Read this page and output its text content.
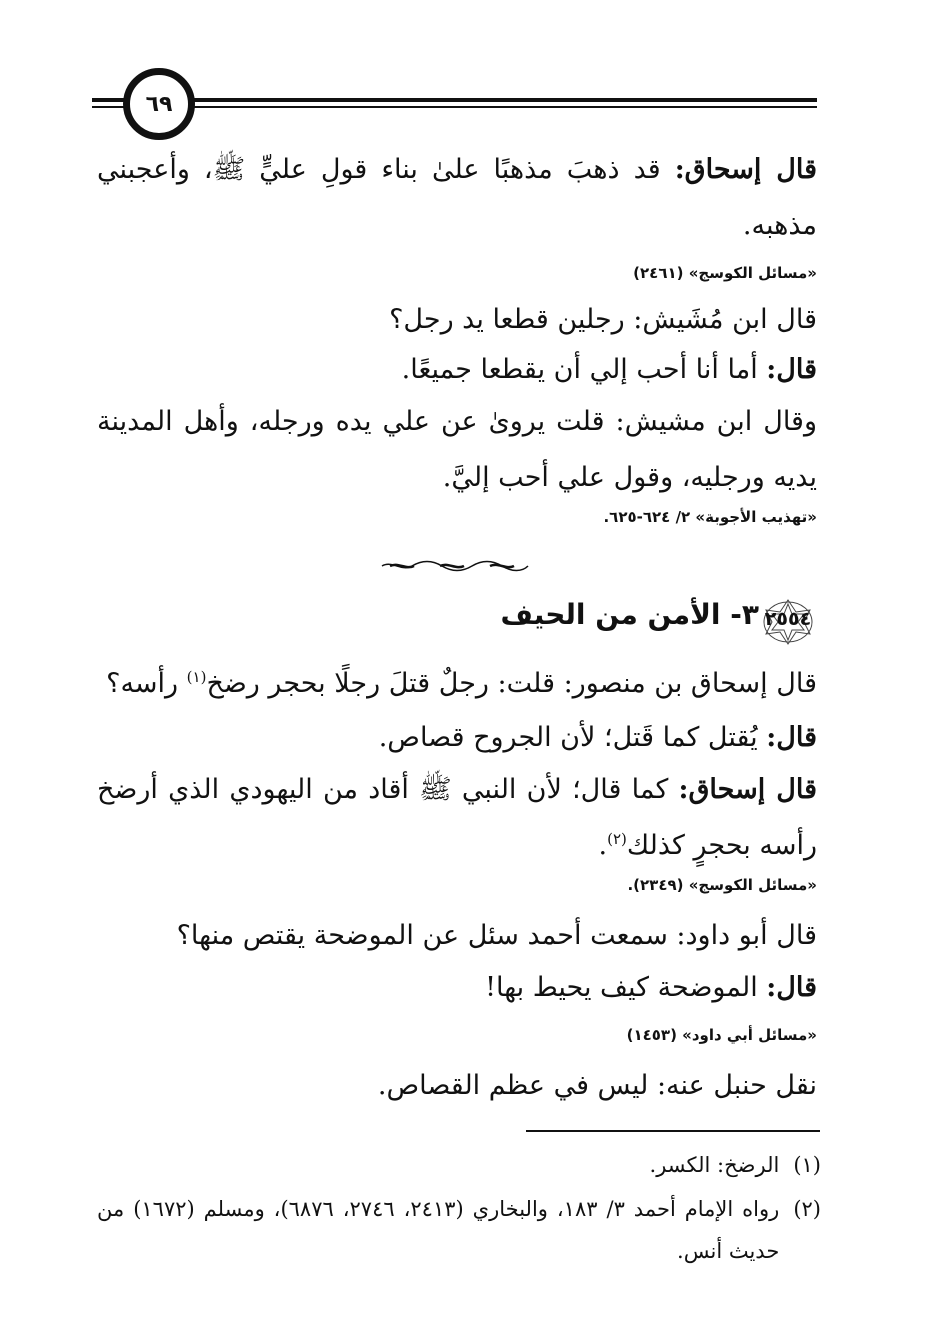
٦٩
قال إسحاق: قد ذهبَ مذهبًا علىٰ بناء قولِ عليٍّ ﷺ، وأعجبني مذهبه.
«مسائل الكوسج» (٢٤٦١)
قال ابن مُشَيش: رجلين قطعا يد رجل؟
قال: أما أنا أحب إلي أن يقطعا جميعًا.
وقال ابن مشيش: قلت يرویٰ عن علي يده ورجله، وأهل المدينة يديه ورجليه، وقول علي أحب إليَّ.
«تهذيب الأجوبة» ٢/ ٦٢٤-٦٢٥.
٢٥٥٤
٣- الأمن من الحيف
قال إسحاق بن منصور: قلت: رجلٌ قتلَ رجلًا بحجر رضخ$^{(١)}$ رأسه؟
قال: يُقتل كما قَتل؛ لأن الجروح قصاص.
قال إسحاق: كما قال؛ لأن النبي ﷺ أقاد من اليهودي الذي أرضخ رأسه بحجرٍ كذلك$^{(٢)}$.
«مسائل الكوسج» (٢٣٤٩).
قال أبو داود: سمعت أحمد سئل عن الموضحة يقتص منها؟
قال: الموضحة كيف يحيط بها!
«مسائل أبي داود» (١٤٥٣)
نقل حنبل عنه: ليس في عظم القصاص.
(١)
الرضخ: الكسر.
(٢)
رواه الإمام أحمد ٣/ ١٨٣، والبخاري (٢٤١٣، ٢٧٤٦، ٦٨٧٦)، ومسلم (١٦٧٢) من حديث أنس.
